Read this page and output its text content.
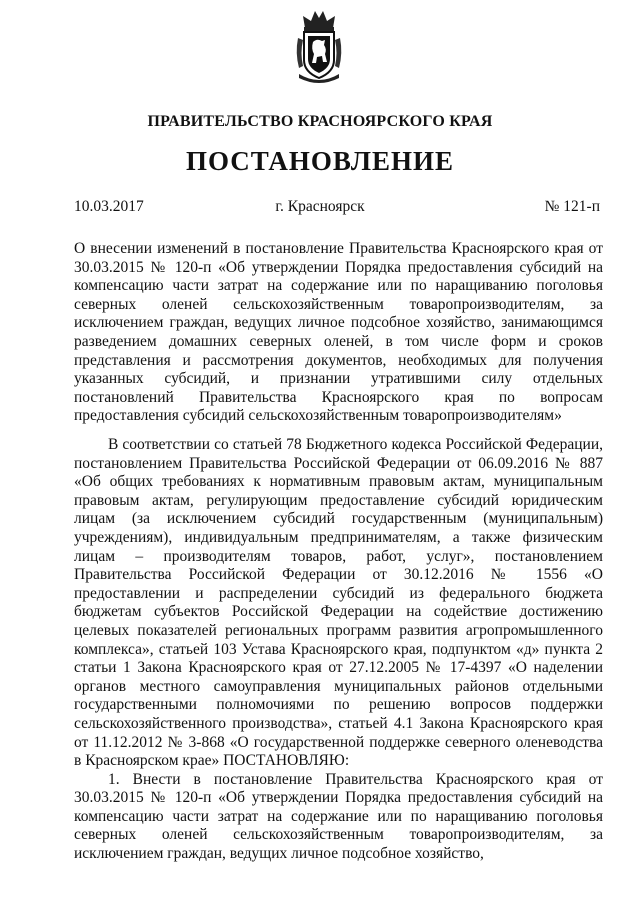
ПРАВИТЕЛЬСТВО КРАСНОЯРСКОГО КРАЯ
ПОСТАНОВЛЕНИЕ
10.03.2017	г. Красноярск	№ 121-п
О внесении изменений в постановление Правительства Красноярского края от 30.03.2015 № 120-п «Об утверждении Порядка предоставления субсидий на компенсацию части затрат на содержание или по наращиванию поголовья северных оленей сельскохозяйственным товаропроизводителям, за исключением граждан, ведущих личное подсобное хозяйство, занимающимся разведением домашних северных оленей, в том числе форм и сроков представления и рассмотрения документов, необходимых для получения указанных субсидий, и признании утратившими силу отдельных постановлений Правительства Красноярского края по вопросам предоставления субсидий сельскохозяйственным товаропроизводителям»

В соответствии со статьей 78 Бюджетного кодекса Российской Федерации, постановлением Правительства Российской Федерации от 06.09.2016 № 887 «Об общих требованиях к нормативным правовым актам, муниципальным правовым актам, регулирующим предоставление субсидий юридическим лицам (за исключением субсидий государственным (муниципальным) учреждениям), индивидуальным предпринимателям, а также физическим лицам – производителям товаров, работ, услуг», постановлением Правительства Российской Федерации от 30.12.2016 № 1556 «О предоставлении и распределении субсидий из федерального бюджета бюджетам субъектов Российской Федерации на содействие достижению целевых показателей региональных программ развития агропромышленного комплекса», статьей 103 Устава Красноярского края, подпунктом «д» пункта 2 статьи 1 Закона Красноярского края от 27.12.2005 № 17-4397 «О наделении органов местного самоуправления муниципальных районов отдельными государственными полномочиями по решению вопросов поддержки сельскохозяйственного производства», статьей 4.1 Закона Красноярского края от 11.12.2012 № 3-868 «О государственной поддержке северного оленеводства в Красноярском крае» ПОСТАНОВЛЯЮ:

1. Внести в постановление Правительства Красноярского края от 30.03.2015 № 120-п «Об утверждении Порядка предоставления субсидий на компенсацию части затрат на содержание или по наращиванию поголовья северных оленей сельскохозяйственным товаропроизводителям, за исключением граждан, ведущих личное подсобное хозяйство,
